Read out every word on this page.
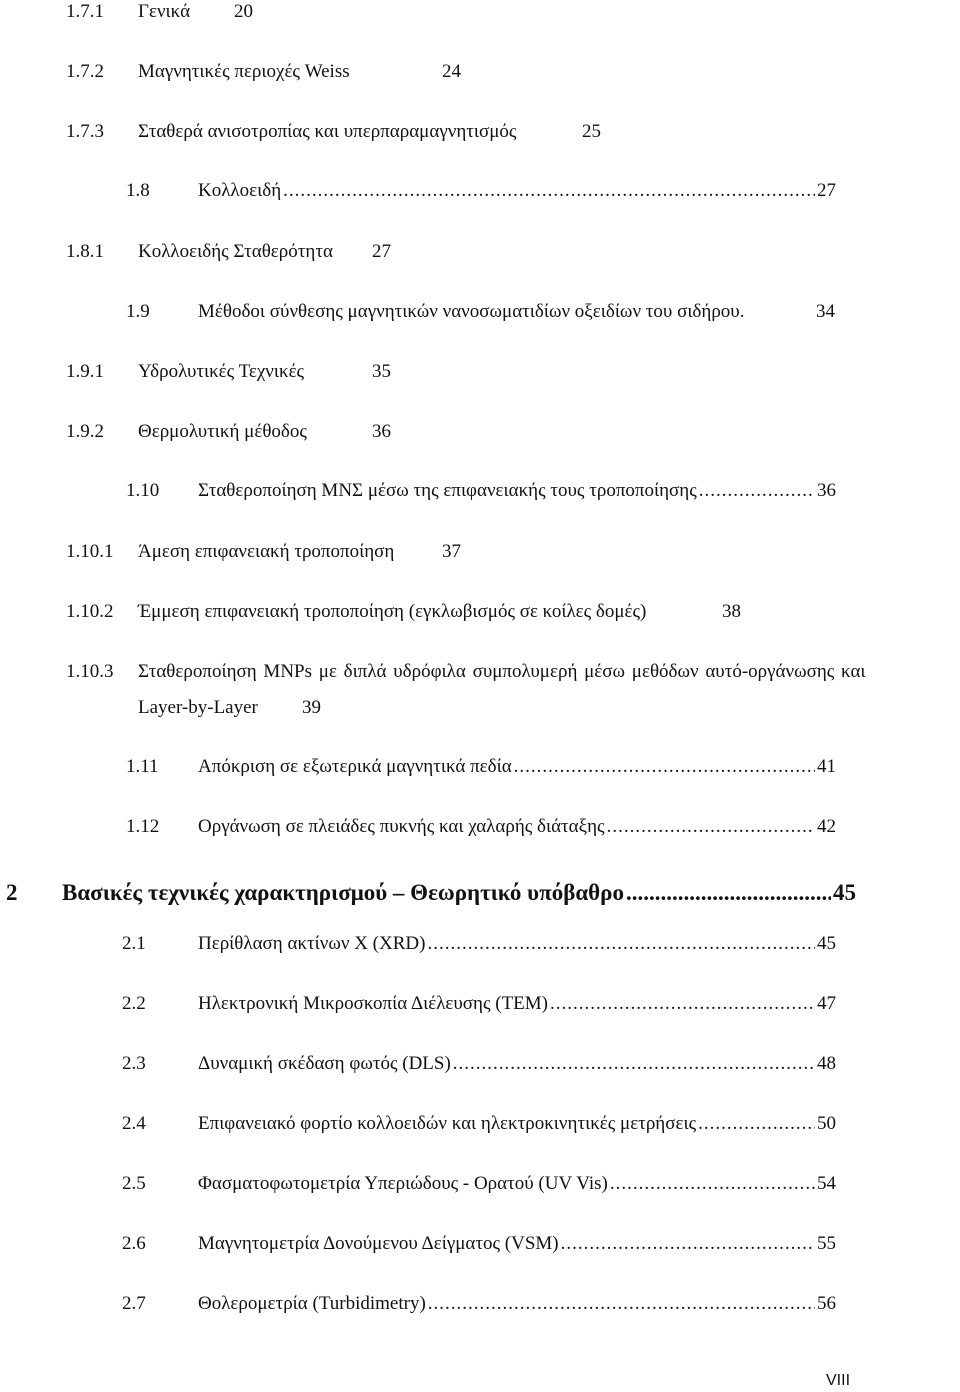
1.7.1 Γενικά 20
1.7.2 Μαγνητικές περιοχές Weiss	24
1.7.3 Σταθερά ανισοτροπίας και υπερπαραμαγνητισμός	25
1.8	Κολλοειδή .....	27
1.8.1 Κολλοειδής Σταθερότητα 27
1.9	Μέθοδοι σύνθεσης μαγνητικών νανοσωματιδίων οξειδίων του σιδήρου.	34
1.9.1 Υδρολυτικές Τεχνικές	35
1.9.2 Θερμολυτική μέθοδος	36
1.10	Σταθεροποίηση ΜΝΣ μέσω της επιφανειακής τους τροποποίησης .....	36
1.10.1 Άμεση επιφανειακή τροποποίηση	37
1.10.2 Έμμεση επιφανειακή τροποποίηση (εγκλωβισμός σε κοίλες δομές)	38
1.10.3 Σταθεροποίηση MNPs με διπλά υδρόφιλα συμπολυμερή μέσω μεθόδων αυτό-οργάνωσης και
Layer-by-Layer 39
1.11	Απόκριση σε εξωτερικά μαγνητικά πεδία .....	41
1.12	Οργάνωση σε πλειάδες πυκνής και χαλαρής διάταξης .....	42
2	Βασικές τεχνικές χαρακτηρισμού – Θεωρητικό υπόβαθρο .....	45
2.1	Περίθλαση ακτίνων X (XRD) .....	45
2.2	Ηλεκτρονική Μικροσκοπία Διέλευσης (TEM) .....	47
2.3	Δυναμική σκέδαση φωτός (DLS) .....	48
2.4	Επιφανειακό φορτίο κολλοειδών και ηλεκτροκινητικές μετρήσεις .....	50
2.5	Φασματοφωτομετρία Υπεριώδους - Ορατού (UV Vis) .....	54
2.6	Μαγνητομετρία Δονούμενου Δείγματος (VSM) .....	55
2.7	Θολερομετρία (Turbidimetry) .....	56
VIII
